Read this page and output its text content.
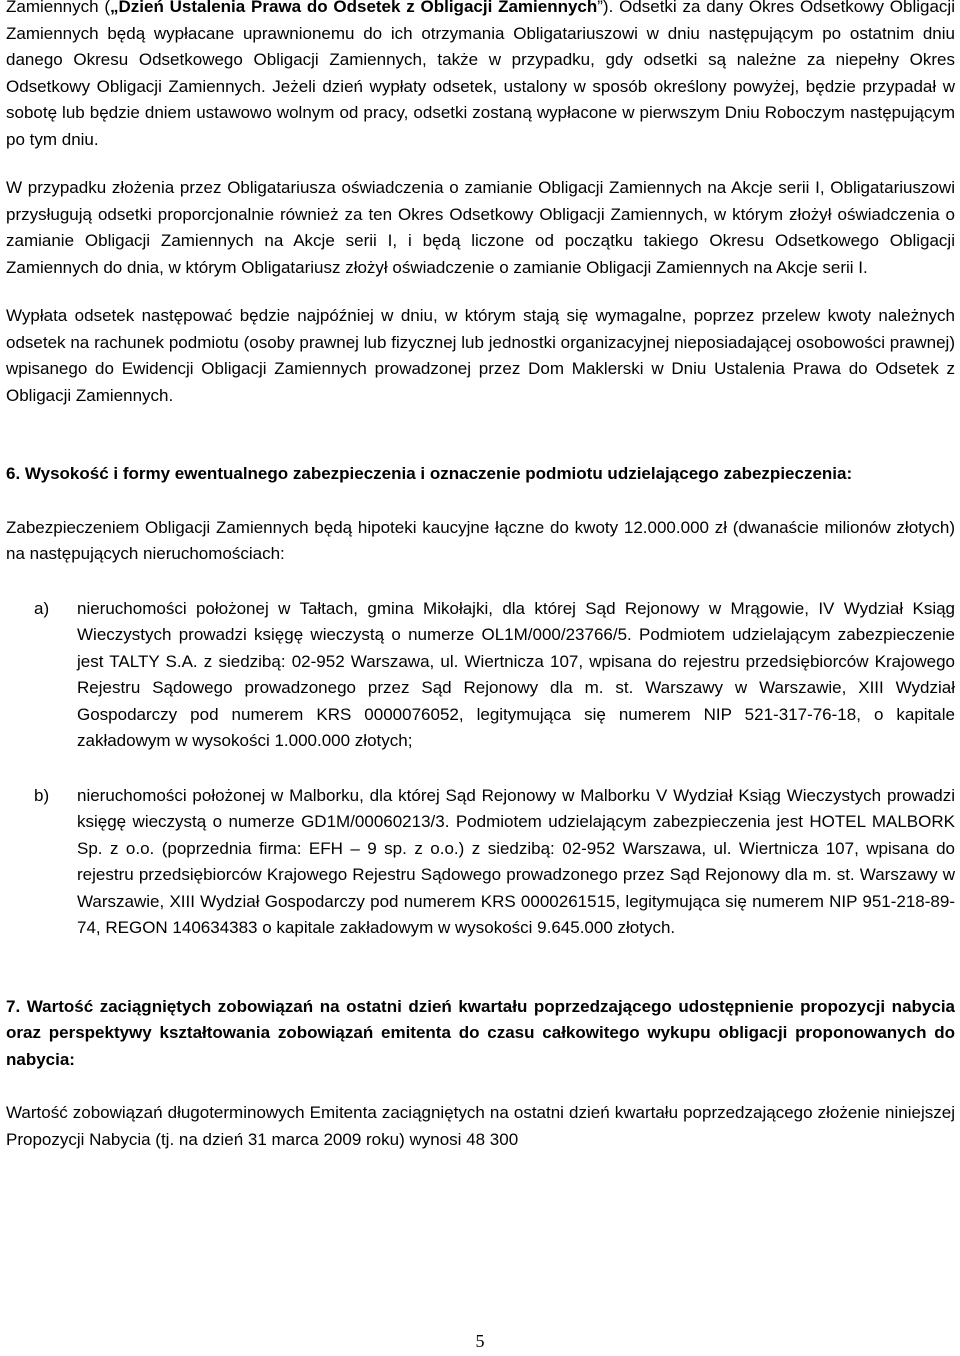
Zamiennych („Dzień Ustalenia Prawa do Odsetek z Obligacji Zamiennych”). Odsetki za dany Okres Odsetkowy Obligacji Zamiennych będą wypłacane uprawnionemu do ich otrzymania Obligatariuszowi w dniu następującym po ostatnim dniu danego Okresu Odsetkowego Obligacji Zamiennych, także w przypadku, gdy odsetki są należne za niepełny Okres Odsetkowy Obligacji Zamiennych. Jeżeli dzień wypłaty odsetek, ustalony w sposób określony powyżej, będzie przypadał w sobotę lub będzie dniem ustawowo wolnym od pracy, odsetki zostaną wypłacone w pierwszym Dniu Roboczym następującym po tym dniu.

W przypadku złożenia przez Obligatariusza oświadczenia o zamianie Obligacji Zamiennych na Akcje serii I, Obligatariuszowi przysługują odsetki proporcjonalnie również za ten Okres Odsetkowy Obligacji Zamiennych, w którym złożył oświadczenia o zamianie Obligacji Zamiennych na Akcje serii I, i będą liczone od początku takiego Okresu Odsetkowego Obligacji Zamiennych do dnia, w którym Obligatariusz złożył oświadczenie o zamianie Obligacji Zamiennych na Akcje serii I.

Wypłata odsetek następować będzie najpóźniej w dniu, w którym stają się wymagalne, poprzez przelew kwoty należnych odsetek na rachunek podmiotu (osoby prawnej lub fizycznej lub jednostki organizacyjnej nieposiadającej osobowości prawnej) wpisanego do Ewidencji Obligacji Zamiennych prowadzonej przez Dom Maklerski w Dniu Ustalenia Prawa do Odsetek z Obligacji Zamiennych.

6. Wysokość i formy ewentualnego zabezpieczenia i oznaczenie podmiotu udzielającego zabezpieczenia:

Zabezpieczeniem Obligacji Zamiennych będą hipoteki kaucyjne łączne do kwoty 12.000.000 zł (dwanaście milionów złotych) na następujących nieruchomościach:

a)	nieruchomości położonej w Tałtach, gmina Mikołajki, dla której Sąd Rejonowy w Mrągowie, IV Wydział Ksiąg Wieczystych prowadzi księgę wieczystą o numerze OL1M/000/23766/5. Podmiotem udzielającym zabezpieczenie jest TALTY S.A. z siedzibą: 02-952 Warszawa, ul. Wiertnicza 107, wpisana do rejestru przedsiębiorców Krajowego Rejestru Sądowego prowadzonego przez Sąd Rejonowy dla m. st. Warszawy w Warszawie, XIII Wydział Gospodarczy pod numerem KRS 0000076052, legitymująca się numerem NIP 521-317-76-18, o kapitale zakładowym w wysokości 1.000.000 złotych;
b)	nieruchomości położonej w Malborku, dla której Sąd Rejonowy w Malborku V Wydział Ksiąg Wieczystych prowadzi księgę wieczystą o numerze GD1M/00060213/3. Podmiotem udzielającym zabezpieczenia jest HOTEL MALBORK Sp. z o.o. (poprzednia firma: EFH – 9 sp. z o.o.) z siedzibą: 02-952 Warszawa, ul. Wiertnicza 107, wpisana do rejestru przedsiębiorców Krajowego Rejestru Sądowego prowadzonego przez Sąd Rejonowy dla m. st. Warszawy w Warszawie, XIII Wydział Gospodarczy pod numerem KRS 0000261515, legitymująca się numerem NIP 951-218-89-74, REGON 140634383 o kapitale zakładowym w wysokości 9.645.000 złotych.

7. Wartość zaciągniętych zobowiązań na ostatni dzień kwartału poprzedzającego udostępnienie propozycji nabycia oraz perspektywy kształtowania zobowiązań emitenta do czasu całkowitego wykupu obligacji proponowanych do nabycia:

Wartość zobowiązań długoterminowych Emitenta zaciągniętych na ostatni dzień kwartału poprzedzającego złożenie niniejszej Propozycji Nabycia (tj. na dzień 31 marca 2009 roku) wynosi 48 300

5
